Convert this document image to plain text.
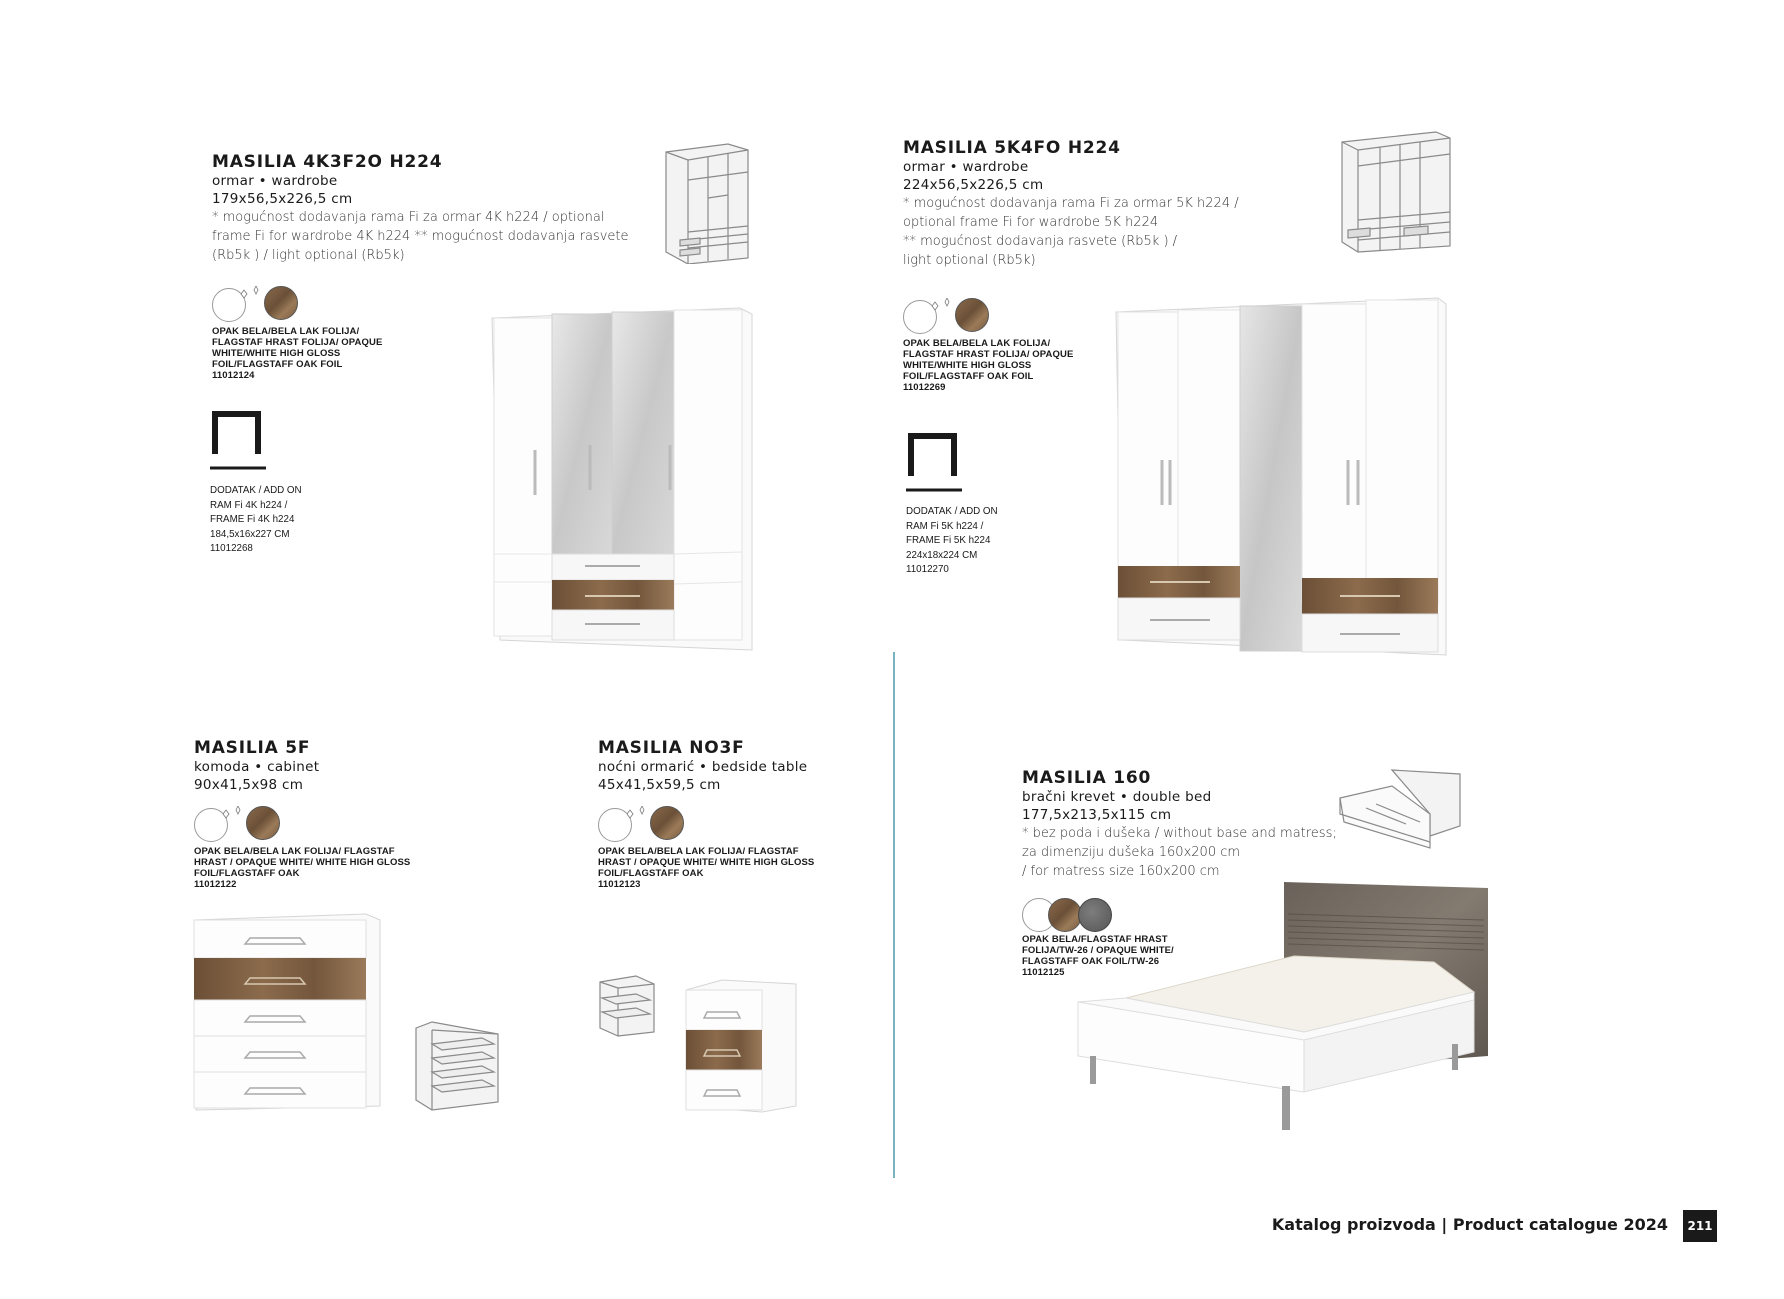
MASILIA 4K3F2O H224
ormar • wardrobe
179x56,5x226,5 cm
* mogućnost dodavanja rama Fi za ormar 4K h224 / optional frame Fi for wardrobe 4K h224 ** mogućnost dodavanja rasvete (Rb5k ) / light optional (Rb5k)
OPAK BELA/BELA LAK FOLIJA/ FLAGSTAF HRAST FOLIJA/ OPAQUE WHITE/WHITE HIGH GLOSS FOIL/FLAGSTAFF OAK FOIL
11012124
DODATAK / ADD ON
RAM Fi 4K h224 /
FRAME Fi 4K h224
184,5x16x227 CM
11012268
MASILIA 5K4FO H224
ormar • wardrobe
224x56,5x226,5 cm
* mogućnost dodavanja rama Fi za ormar 5K h224 /
optional frame Fi for wardrobe 5K h224
** mogućnost dodavanja rasvete (Rb5k ) /
light optional (Rb5k)
OPAK BELA/BELA LAK FOLIJA/ FLAGSTAF HRAST FOLIJA/ OPAQUE WHITE/WHITE HIGH GLOSS FOIL/FLAGSTAFF OAK FOIL
11012269
DODATAK / ADD ON
RAM Fi 5K h224 /
FRAME Fi 5K h224
224x18x224 CM
11012270
MASILIA 5F
komoda • cabinet
90x41,5x98 cm
OPAK BELA/BELA LAK FOLIJA/ FLAGSTAF HRAST / OPAQUE WHITE/ WHITE HIGH GLOSS FOIL/FLAGSTAFF OAK
11012122
MASILIA NO3F
noćni ormarić • bedside table
45x41,5x59,5 cm
OPAK BELA/BELA LAK FOLIJA/ FLAGSTAF HRAST / OPAQUE WHITE/ WHITE HIGH GLOSS FOIL/FLAGSTAFF OAK
11012123
MASILIA 160
bračni krevet • double bed
177,5x213,5x115 cm
* bez poda i dušeka / without base and matress;
za dimenziju dušeka 160x200 cm
/ for matress size 160x200 cm
OPAK BELA/FLAGSTAF HRAST FOLIJA/TW-26 / OPAQUE WHITE/ FLAGSTAFF OAK FOIL/TW-26
11012125
Katalog proizvoda | Product catalogue 2024	211
